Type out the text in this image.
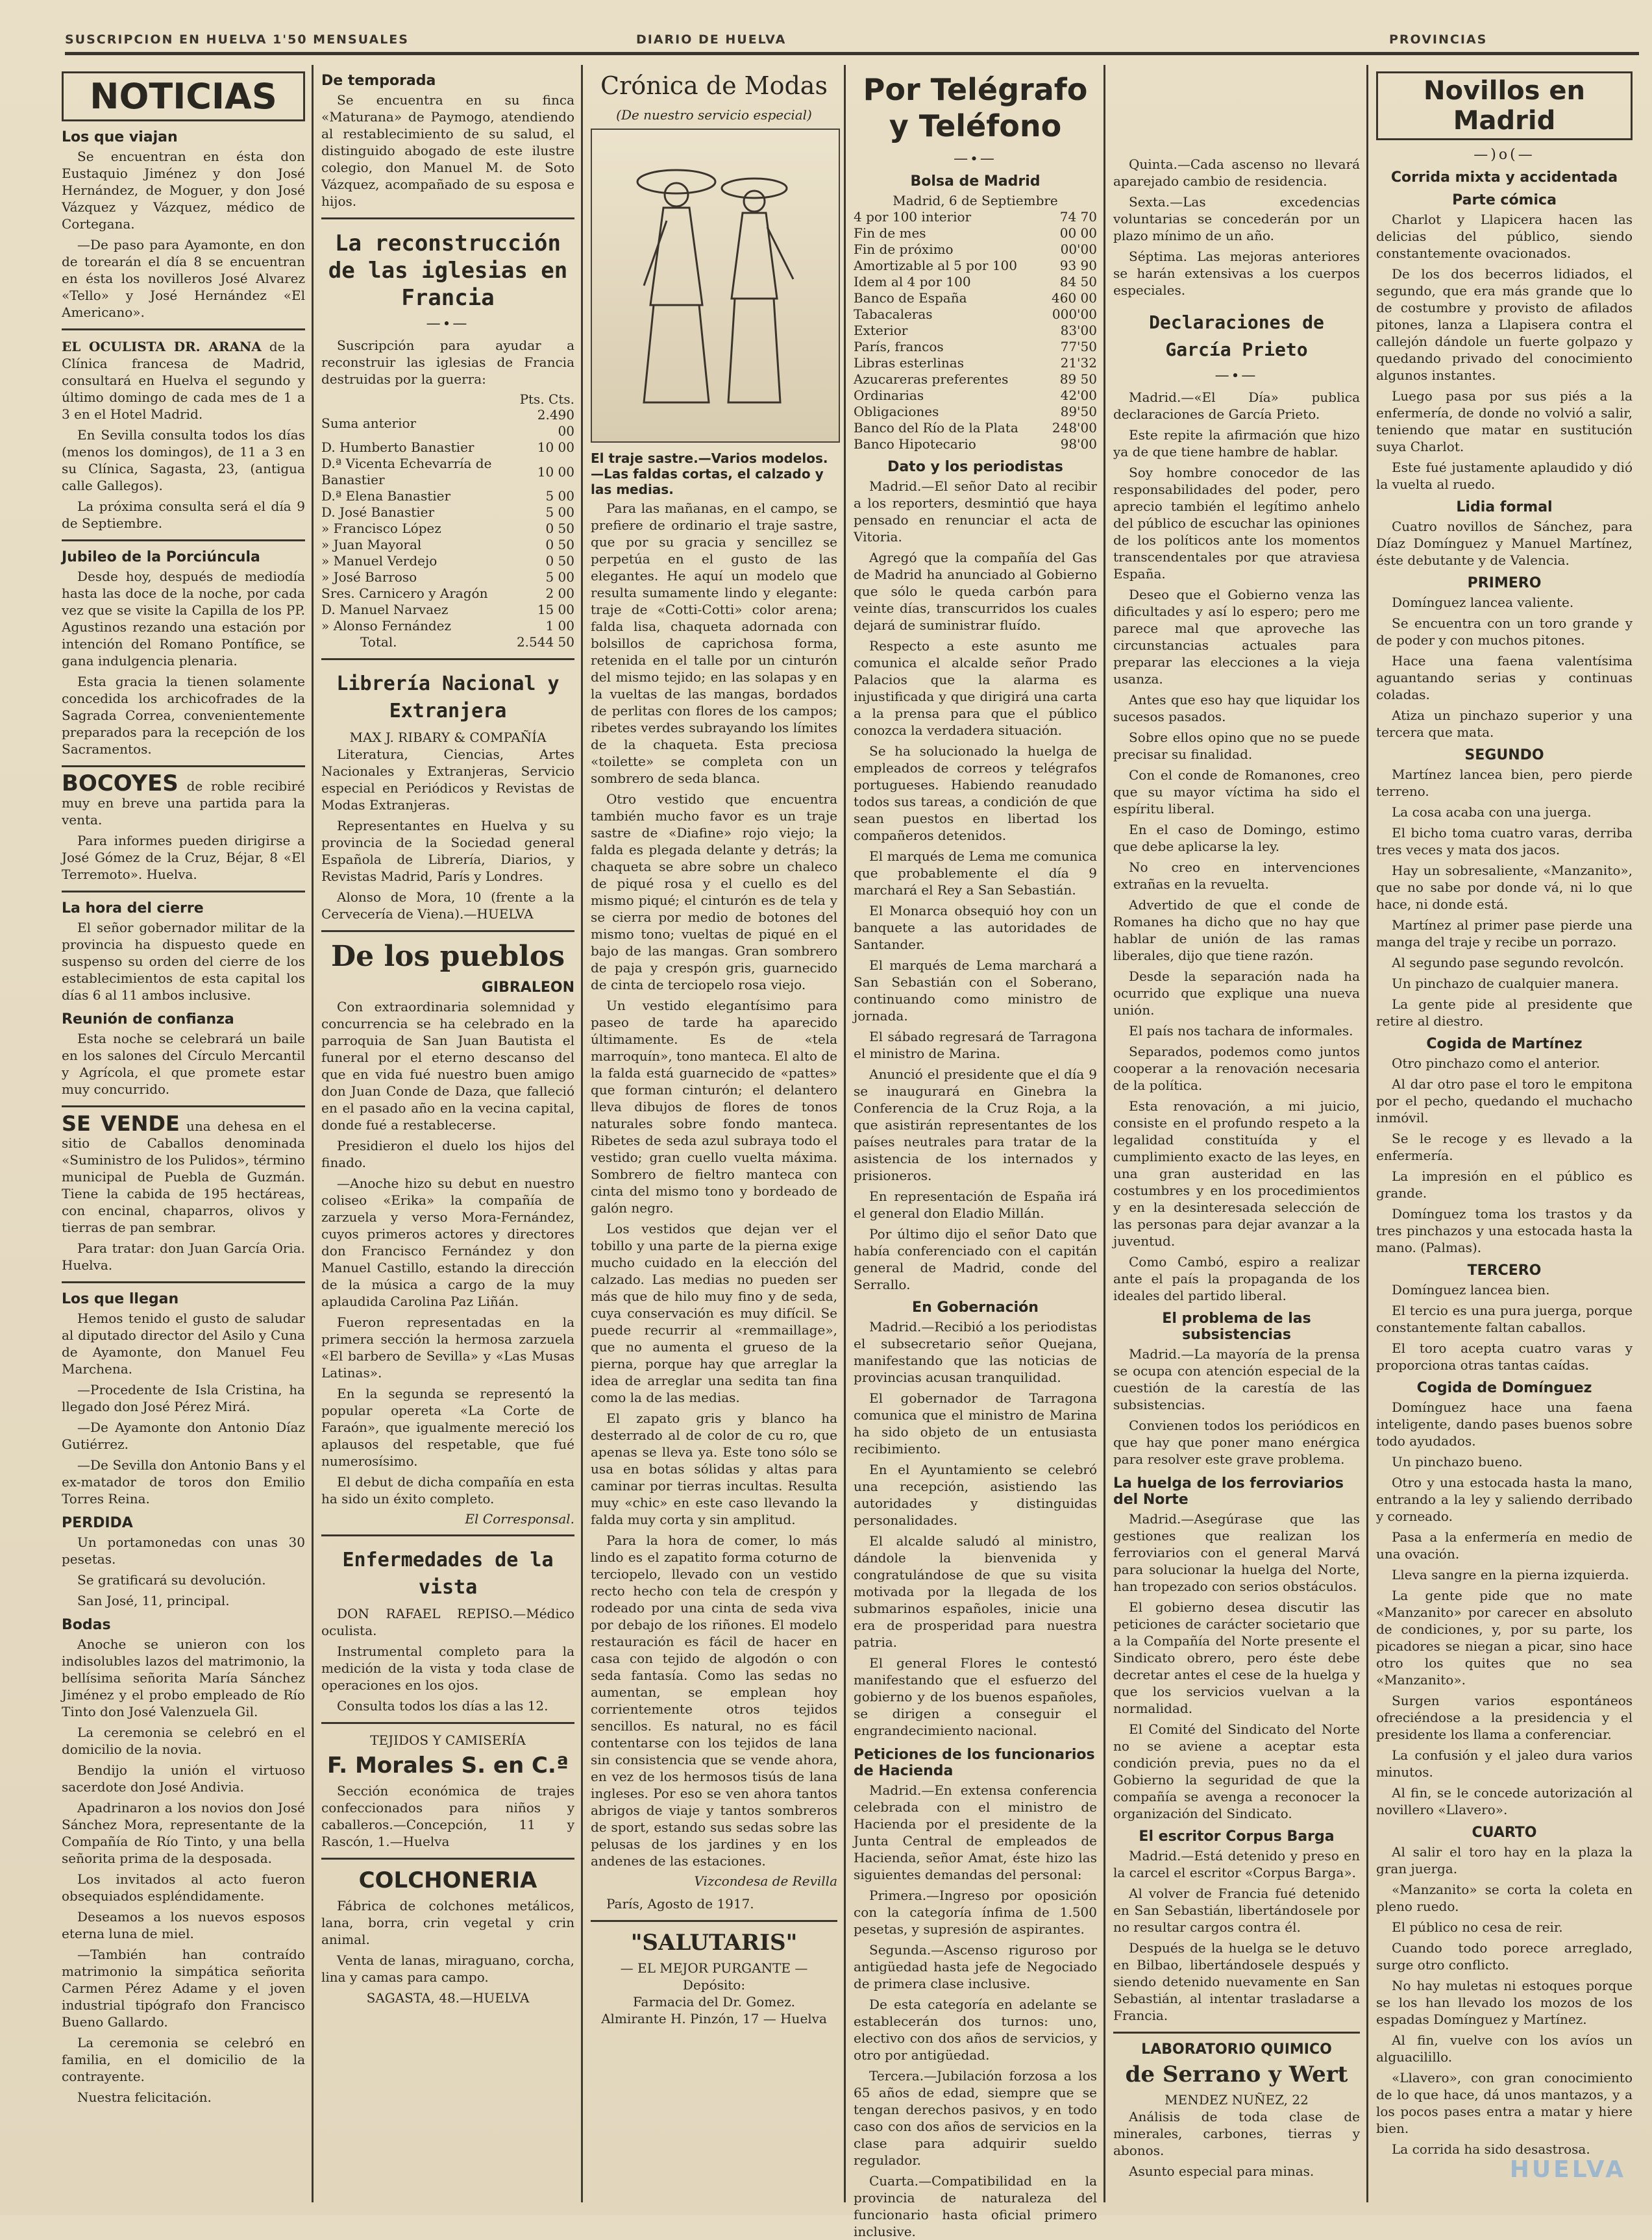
SUSCRIPCION EN HUELVA 1'50 MENSUALES	DIARIO DE HUELVA	PROVINCIAS
NOTICIAS
Los que viajan

Se encuentran en ésta don Eustaquio Jiménez y don José Hernández, de Moguer, y don José Vázquez y Vázquez, médico de Cortegana.

—De paso para Ayamonte, en don de torearán el día 8 se encuentran en ésta los novilleros José Alvarez «Tello» y José Hernández «El Americano».

EL OCULISTA DR. ARANA de la Clínica francesa de Madrid, consultará en Huelva el segundo y último domingo de cada mes de 1 a 3 en el Hotel Madrid.

En Sevilla consulta todos los días (menos los domingos), de 11 a 3 en su Clínica, Sagasta, 23, (antigua calle Gallegos).

La próxima consulta será el día 9 de Septiembre.

Jubileo de la Porciúncula

Desde hoy, después de mediodía hasta las doce de la noche, por cada vez que se visite la Capilla de los PP. Agustinos rezando una estación por intención del Romano Pontífice, se gana indulgencia plenaria.

Esta gracia la tienen solamente concedida los archicofrades de la Sagrada Correa, convenientemente preparados para la recepción de los Sacramentos.

BOCOYES de roble recibiré muy en breve una partida para la venta.

Para informes pueden dirigirse a José Gómez de la Cruz, Béjar, 8 «El Terremoto». Huelva.

La hora del cierre

El señor gobernador militar de la provincia ha dispuesto quede en suspenso su orden del cierre de los establecimientos de esta capital los días 6 al 11 ambos inclusive.

Reunión de confianza

Esta noche se celebrará un baile en los salones del Círculo Mercantil y Agrícola, el que promete estar muy concurrido.

SE VENDE una dehesa en el sitio de Caballos denominada «Suministro de los Pulidos», término municipal de Puebla de Guzmán. Tiene la cabida de 195 hectáreas, con encinal, chaparros, olivos y tierras de pan sembrar.

Para tratar: don Juan García Oria. Huelva.

Los que llegan

Hemos tenido el gusto de saludar al diputado director del Asilo y Cuna de Ayamonte, don Manuel Feu Marchena.

—Procedente de Isla Cristina, ha llegado don José Pérez Mirá.

—De Ayamonte don Antonio Díaz Gutiérrez.

—De Sevilla don Antonio Bans y el ex-matador de toros don Emilio Torres Reina.

PERDIDA

Un portamonedas con unas 30 pesetas.

Se gratificará su devolución.

San José, 11, principal.

Bodas

Anoche se unieron con los indisolubles lazos del matrimonio, la bellísima señorita María Sánchez Jiménez y el probo empleado de Río Tinto don José Valenzuela Gil.

La ceremonia se celebró en el domicilio de la novia.

Bendijo la unión el virtuoso sacerdote don José Andivia.

Apadrinaron a los novios don José Sánchez Mora, representante de la Compañía de Río Tinto, y una bella señorita prima de la desposada.

Los invitados al acto fueron obsequiados espléndidamente.

Deseamos a los nuevos esposos eterna luna de miel.

—También han contraído matrimonio la simpática señorita Carmen Pérez Adame y el joven industrial tipógrafo don Francisco Bueno Gallardo.

La ceremonia se celebró en familia, en el domicilio de la contrayente.

Nuestra felicitación.

De temporada

Se encuentra en su finca «Maturana» de Paymogo, atendiendo al restablecimiento de su salud, el distinguido abogado de este ilustre colegio, don Manuel M. de Soto Vázquez, acompañado de su esposa e hijos.

La reconstrucción de las iglesias en Francia
—∙—

Suscripción para ayudar a reconstruir las iglesias de Francia destruidas por la guerra:

Pts. Cts.
Suma anterior	2.490 00
D. Humberto Banastier	10 00
D.ª Vicenta Echevarría de Banastier	10 00
D.ª Elena Banastier	5 00
D. José Banastier	5 00
» Francisco López	0 50
» Juan Mayoral	0 50
» Manuel Verdejo	0 50
» José Barroso	5 00
Sres. Carnicero y Aragón	2 00
D. Manuel Narvaez	15 00
» Alonso Fernández	1 00
Total.	2.544 50
Librería Nacional y Extranjera
MAX J. RIBARY & COMPAÑÍA

Literatura, Ciencias, Artes Nacionales y Extranjeras, Servicio especial en Periódicos y Revistas de Modas Extranjeras.

Representantes en Huelva y su provincia de la Sociedad general Española de Librería, Diarios, y Revistas Madrid, París y Londres.

Alonso de Mora, 10 (frente a la Cervecería de Viena).—HUELVA

De los pueblos
GIBRALEON

Con extraordinaria solemnidad y concurrencia se ha celebrado en la parroquia de San Juan Bautista el funeral por el eterno descanso del que en vida fué nuestro buen amigo don Juan Conde de Daza, que falleció en el pasado año en la vecina capital, donde fué a restablecerse.

Presidieron el duelo los hijos del finado.

—Anoche hizo su debut en nuestro coliseo «Erika» la compañía de zarzuela y verso Mora-Fernández, cuyos primeros actores y directores don Francisco Fernández y don Manuel Castillo, estando la dirección de la música a cargo de la muy aplaudida Carolina Paz Liñán.

Fueron representadas en la primera sección la hermosa zarzuela «El barbero de Sevilla» y «Las Musas Latinas».

En la segunda se representó la popular opereta «La Corte de Faraón», que igualmente mereció los aplausos del respetable, que fué numerosísimo.

El debut de dicha compañía en esta ha sido un éxito completo.

El Corresponsal.
Enfermedades de la vista

DON RAFAEL REPISO.—Médico oculista.

Instrumental completo para la medición de la vista y toda clase de operaciones en los ojos.

Consulta todos los días a las 12.

TEJIDOS Y CAMISERÍA
F. Morales S. en C.ª

Sección económica de trajes confeccionados para niños y caballeros.—Concepción, 11 y Rascón, 1.—Huelva

COLCHONERIA

Fábrica de colchones metálicos, lana, borra, crin vegetal y crin animal.

Venta de lanas, miraguano, corcha, lina y camas para campo.

SAGASTA, 48.—HUELVA
Crónica de Modas
(De nuestro servicio especial)
El traje sastre.—Varios modelos.—Las faldas cortas, el calzado y las medias.

Para las mañanas, en el campo, se prefiere de ordinario el traje sastre, que por su gracia y sencillez se perpetúa en el gusto de las elegantes. He aquí un modelo que resulta sumamente lindo y elegante: traje de «Cotti-Cotti» color arena; falda lisa, chaqueta adornada con bolsillos de caprichosa forma, retenida en el talle por un cinturón del mismo tejido; en las solapas y en la vueltas de las mangas, bordados de perlitas con flores de los campos; ribetes verdes subrayando los límites de la chaqueta. Esta preciosa «toilette» se completa con un sombrero de seda blanca.

Otro vestido que encuentra también mucho favor es un traje sastre de «Diafine» rojo viejo; la falda es plegada delante y detrás; la chaqueta se abre sobre un chaleco de piqué rosa y el cuello es del mismo piqué; el cinturón es de tela y se cierra por medio de botones del mismo tono; vueltas de piqué en el bajo de las mangas. Gran sombrero de paja y crespón gris, guarnecido de cinta de terciopelo rosa viejo.

Un vestido elegantísimo para paseo de tarde ha aparecido últimamente. Es de «tela marroquín», tono manteca. El alto de la falda está guarnecido de «pattes» que forman cinturón; el delantero lleva dibujos de flores de tonos naturales sobre fondo manteca. Ribetes de seda azul subraya todo el vestido; gran cuello vuelta máxima. Sombrero de fieltro manteca con cinta del mismo tono y bordeado de galón negro.

Los vestidos que dejan ver el tobillo y una parte de la pierna exige mucho cuidado en la elección del calzado. Las medias no pueden ser más que de hilo muy fino y de seda, cuya conservación es muy difícil. Se puede recurrir al «remmaillage», que no aumenta el grueso de la pierna, porque hay que arreglar la idea de arreglar una sedita tan fina como la de las medias.

El zapato gris y blanco ha desterrado al de color de cu ro, que apenas se lleva ya. Este tono sólo se usa en botas sólidas y altas para caminar por tierras incultas. Resulta muy «chic» en este caso llevando la falda muy corta y sin amplitud.

Para la hora de comer, lo más lindo es el zapatito forma coturno de terciopelo, llevado con un vestido recto hecho con tela de crespón y rodeado por una cinta de seda viva por debajo de los riñones. El modelo restauración es fácil de hacer en casa con tejido de algodón o con seda fantasía. Como las sedas no aumentan, se emplean hoy corrientemente otros tejidos sencillos. Es natural, no es fácil contentarse con los tejidos de lana sin consistencia que se vende ahora, en vez de los hermosos tisús de lana ingleses. Por eso se ven ahora tantos abrigos de viaje y tantos sombreros de sport, estando sus sedas sobre las pelusas de los jardines y en los andenes de las estaciones.

Vizcondesa de Revilla

París, Agosto de 1917.

"SALUTARIS"
— EL MEJOR PURGANTE —
Depósito:
Farmacia del Dr. Gomez.
Almirante H. Pinzón, 17 — Huelva
Por Telégrafo y Teléfono
—∙—
Bolsa de Madrid
Madrid, 6 de Septiembre
4 por 100 interior	74 70
Fin de mes	00 00
Fin de próximo	00'00
Amortizable al 5 por 100	93 90
Idem al 4 por 100	84 50
Banco de España	460 00
Tabacaleras	000'00
Exterior	83'00
París, francos	77'50
Libras esterlinas	21'32
Azucareras preferentes	89 50
Ordinarias	42'00
Obligaciones	89'50
Banco del Río de la Plata	248'00
Banco Hipotecario	98'00
Dato y los periodistas

Madrid.—El señor Dato al recibir a los reporters, desmintió que haya pensado en renunciar el acta de Vitoria.

Agregó que la compañía del Gas de Madrid ha anunciado al Gobierno que sólo le queda carbón para veinte días, transcurridos los cuales dejará de suministrar fluído.

Respecto a este asunto me comunica el alcalde señor Prado Palacios que la alarma es injustificada y que dirigirá una carta a la prensa para que el público conozca la verdadera situación.

Se ha solucionado la huelga de empleados de correos y telégrafos portugueses. Habiendo reanudado todos sus tareas, a condición de que sean puestos en libertad los compañeros detenidos.

El marqués de Lema me comunica que probablemente el día 9 marchará el Rey a San Sebastián.

El Monarca obsequió hoy con un banquete a las autoridades de Santander.

El marqués de Lema marchará a San Sebastián con el Soberano, continuando como ministro de jornada.

El sábado regresará de Tarragona el ministro de Marina.

Anunció el presidente que el día 9 se inaugurará en Ginebra la Conferencia de la Cruz Roja, a la que asistirán representantes de los países neutrales para tratar de la asistencia de los internados y prisioneros.

En representación de España irá el general don Eladio Millán.

Por último dijo el señor Dato que había conferenciado con el capitán general de Madrid, conde del Serrallo.

En Gobernación

Madrid.—Recibió a los periodistas el subsecretario señor Quejana, manifestando que las noticias de provincias acusan tranquilidad.

El gobernador de Tarragona comunica que el ministro de Marina ha sido objeto de un entusiasta recibimiento.

En el Ayuntamiento se celebró una recepción, asistiendo las autoridades y distinguidas personalidades.

El alcalde saludó al ministro, dándole la bienvenida y congratulándose de que su visita motivada por la llegada de los submarinos españoles, inicie una era de prosperidad para nuestra patria.

El general Flores le contestó manifestando que el esfuerzo del gobierno y de los buenos españoles, se dirigen a conseguir el engrandecimiento nacional.

Peticiones de los funcionarios de Hacienda

Madrid.—En extensa conferencia celebrada con el ministro de Hacienda por el presidente de la Junta Central de empleados de Hacienda, señor Amat, éste hizo las siguientes demandas del personal:

Primera.—Ingreso por oposición con la categoría ínfima de 1.500 pesetas, y supresión de aspirantes.

Segunda.—Ascenso riguroso por antigüedad hasta jefe de Negociado de primera clase inclusive.

De esta categoría en adelante se establecerán dos turnos: uno, electivo con dos años de servicios, y otro por antigüedad.

Tercera.—Jubilación forzosa a los 65 años de edad, siempre que se tengan derechos pasivos, y en todo caso con dos años de servicios en la clase para adquirir sueldo regulador.

Cuarta.—Compatibilidad en la provincia de naturaleza del funcionario hasta oficial primero inclusive.

Quinta.—Cada ascenso no llevará aparejado cambio de residencia.

Sexta.—Las excedencias voluntarias se concederán por un plazo mínimo de un año.

Séptima. Las mejoras anteriores se harán extensivas a los cuerpos especiales.

Declaraciones de García Prieto
—∙—

Madrid.—«El Día» publica declaraciones de García Prieto.

Este repite la afirmación que hizo ya de que tiene hambre de hablar.

Soy hombre conocedor de las responsabilidades del poder, pero aprecio también el legítimo anhelo del público de escuchar las opiniones de los políticos ante los momentos transcendentales por que atraviesa España.

Deseo que el Gobierno venza las dificultades y así lo espero; pero me parece mal que aproveche las circunstancias actuales para preparar las elecciones a la vieja usanza.

Antes que eso hay que liquidar los sucesos pasados.

Sobre ellos opino que no se puede precisar su finalidad.

Con el conde de Romanones, creo que su mayor víctima ha sido el espíritu liberal.

En el caso de Domingo, estimo que debe aplicarse la ley.

No creo en intervenciones extrañas en la revuelta.

Advertido de que el conde de Romanes ha dicho que no hay que hablar de unión de las ramas liberales, dijo que tiene razón.

Desde la separación nada ha ocurrido que explique una nueva unión.

El país nos tachara de informales.

Separados, podemos como juntos cooperar a la renovación necesaria de la política.

Esta renovación, a mi juicio, consiste en el profundo respeto a la legalidad constituída y el cumplimiento exacto de las leyes, en una gran austeridad en las costumbres y en los procedimientos y en la desinteresada selección de las personas para dejar avanzar a la juventud.

Como Cambó, espiro a realizar ante el país la propaganda de los ideales del partido liberal.

El problema de las subsistencias

Madrid.—La mayoría de la prensa se ocupa con atención especial de la cuestión de la carestía de las subsistencias.

Convienen todos los periódicos en que hay que poner mano enérgica para resolver este grave problema.

La huelga de los ferroviarios del Norte

Madrid.—Asegúrase que las gestiones que realizan los ferroviarios con el general Marvá para solucionar la huelga del Norte, han tropezado con serios obstáculos.

El gobierno desea discutir las peticiones de carácter societario que a la Compañía del Norte presente el Sindicato obrero, pero éste debe decretar antes el cese de la huelga y que los servicios vuelvan a la normalidad.

El Comité del Sindicato del Norte no se aviene a aceptar esta condición previa, pues no da el Gobierno la seguridad de que la compañía se avenga a reconocer la organización del Sindicato.

El escritor Corpus Barga

Madrid.—Está detenido y preso en la carcel el escritor «Corpus Barga».

Al volver de Francia fué detenido en San Sebastián, libertándosele por no resultar cargos contra él.

Después de la huelga se le detuvo en Bilbao, libertándosele después y siendo detenido nuevamente en San Sebastián, al intentar trasladarse a Francia.

LABORATORIO QUIMICO
de Serrano y Wert
MENDEZ NUÑEZ, 22

Análisis de toda clase de minerales, carbones, tierras y abonos.

Asunto especial para minas.

Novillos en Madrid
—)o(—
Corrida mixta y accidentada
Parte cómica

Charlot y Llapicera hacen las delicias del público, siendo constantemente ovacionados.

De los dos becerros lidiados, el segundo, que era más grande que lo de costumbre y provisto de afilados pitones, lanza a Llapisera contra el callejón dándole un fuerte golpazo y quedando privado del conocimiento algunos instantes.

Luego pasa por sus piés a la enfermería, de donde no volvió a salir, teniendo que matar en sustitución suya Charlot.

Este fué justamente aplaudido y dió la vuelta al ruedo.

Lidia formal

Cuatro novillos de Sánchez, para Díaz Domínguez y Manuel Martínez, éste debutante y de Valencia.

PRIMERO

Domínguez lancea valiente.

Se encuentra con un toro grande y de poder y con muchos pitones.

Hace una faena valentísima aguantando serias y continuas coladas.

Atiza un pinchazo superior y una tercera que mata.

SEGUNDO

Martínez lancea bien, pero pierde terreno.

La cosa acaba con una juerga.

El bicho toma cuatro varas, derriba tres veces y mata dos jacos.

Hay un sobresaliente, «Manzanito», que no sabe por donde vá, ni lo que hace, ni donde está.

Martínez al primer pase pierde una manga del traje y recibe un porrazo.

Al segundo pase segundo revolcón.

Un pinchazo de cualquier manera.

La gente pide al presidente que retire al diestro.

Cogida de Martínez

Otro pinchazo como el anterior.

Al dar otro pase el toro le empitona por el pecho, quedando el muchacho inmóvil.

Se le recoge y es llevado a la enfermería.

La impresión en el público es grande.

Domínguez toma los trastos y da tres pinchazos y una estocada hasta la mano. (Palmas).

TERCERO

Domínguez lancea bien.

El tercio es una pura juerga, porque constantemente faltan caballos.

El toro acepta cuatro varas y proporciona otras tantas caídas.

Cogida de Domínguez

Domínguez hace una faena inteligente, dando pases buenos sobre todo ayudados.

Un pinchazo bueno.

Otro y una estocada hasta la mano, entrando a la ley y saliendo derribado y corneado.

Pasa a la enfermería en medio de una ovación.

Lleva sangre en la pierna izquierda.

La gente pide que no mate «Manzanito» por carecer en absoluto de condiciones, y, por su parte, los picadores se niegan a picar, sino hace otro los quites que no sea «Manzanito».

Surgen varios espontáneos ofreciéndose a la presidencia y el presidente los llama a conferenciar.

La confusión y el jaleo dura varios minutos.

Al fin, se le concede autorización al novillero «Llavero».

CUARTO

Al salir el toro hay en la plaza la gran juerga.

«Manzanito» se corta la coleta en pleno ruedo.

El público no cesa de reir.

Cuando todo porece arreglado, surge otro conflicto.

No hay muletas ni estoques porque se los han llevado los mozos de los espadas Domínguez y Martínez.

Al fin, vuelve con los avíos un alguacilillo.

«Llavero», con gran conocimiento de lo que hace, dá unos mantazos, y a los pocos pases entra a matar y hiere bien.

La corrida ha sido desastrosa.

HUELVA
